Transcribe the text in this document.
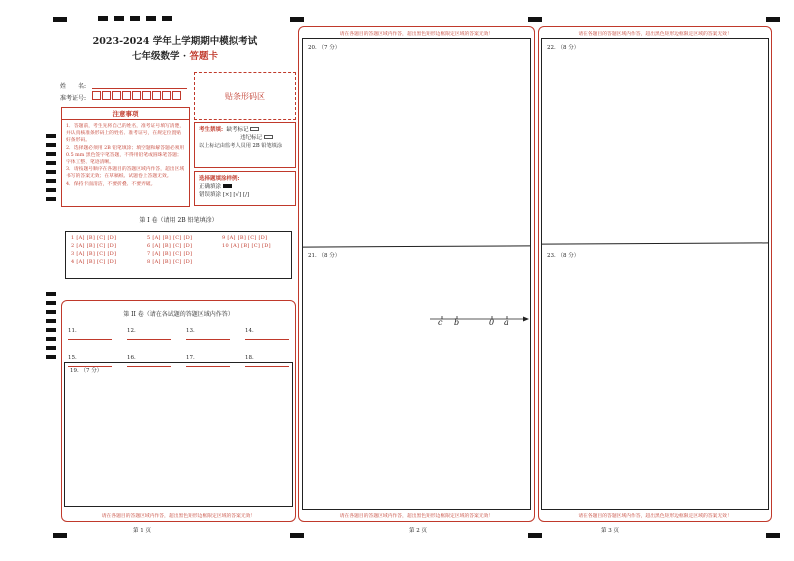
2023-2024 学年上学期期中模拟考试
七年级数学 · 答题卡
姓　　名:
准考证号:	贴条形码区
注意事项
1．答题前，考生先将自己的姓名，准考证号填写清楚，并认真核准条形码上的姓名、准考证号，在规定位置贴好条形码。
2．选择题必须用 2B 铅笔填涂；填空题和解答题必须用 0.5 mm 黑色签字笔答题，不得用铅笔或圆珠笔答题；字体工整、笔迹清晰。
3．请按题号顺序在各题目的答题区域内作答，超出区域书写的答案无效；在草稿纸、试题卷上答题无效。
4．保持卡面清洁，不要折叠、不要弄破。
考生禁填: 缺考标记
违纪标记
以上标记由监考人员用 2B 铅笔填涂
选择题填涂样例:
正确填涂
错误填涂 [×] [√] [/]
第 I 卷（请用 2B 铅笔填涂）
1 [A] [B] [C] [D]	5 [A] [B] [C] [D]	9 [A] [B] [C] [D]
2 [A] [B] [C] [D]	6 [A] [B] [C] [D]	10 [A] [B] [C] [D]
3 [A] [B] [C] [D]	7 [A] [B] [C] [D]
4 [A] [B] [C] [D]	8 [A] [B] [C] [D]
第 II 卷（请在各试题的答题区域内作答）
11.	12.	13.	14.
15.	16.	17.	18.
19. （7 分）
请在各题目的答题区域内作答，超出黑色矩形边框限定区域的答案无效！
第 1 页
请在各题目的答题区域内作答，超出黑色矩形边框限定区域的答案无效！
20. （7 分）
21. （8 分）
c b	0 a
请在各题目的答题区域内作答，超出黑色矩形边框限定区域的答案无效！
第 2 页
请在各题目的答题区域内作答，超出黑色矩形边框限定区域的答案无效！
22. （8 分）
23. （8 分）
请在各题目的答题区域内作答，超出黑色矩形边框限定区域的答案无效！
第 3 页
